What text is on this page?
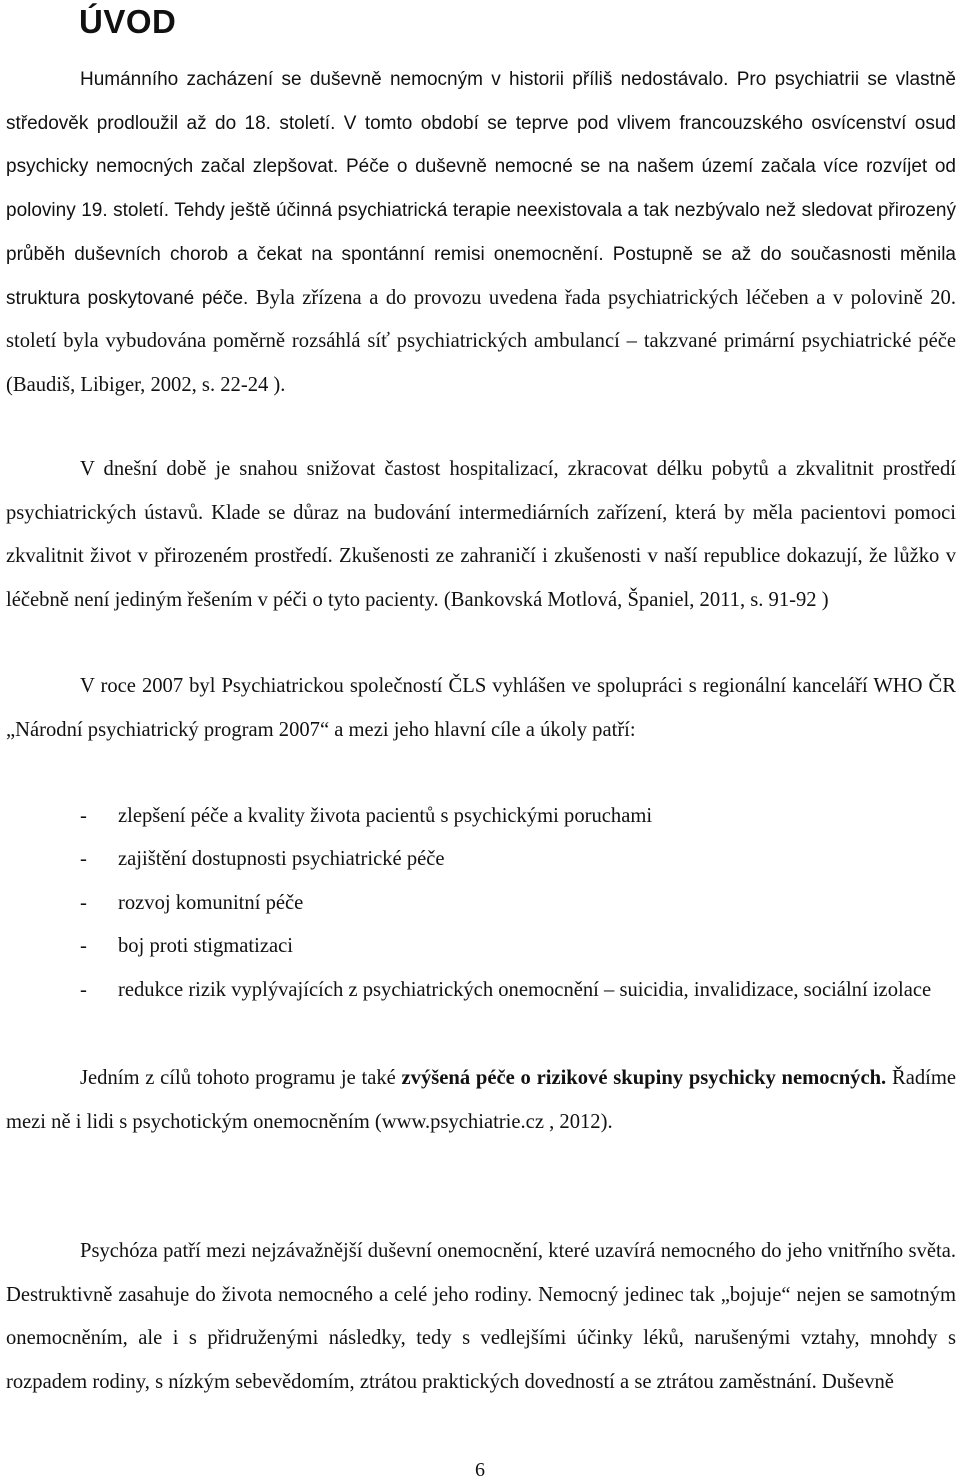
ÚVOD

Humánního zacházení se duševně nemocným v historii příliš nedostávalo. Pro psychiatrii se vlastně středověk prodloužil až do 18. století. V tomto období se teprve pod vlivem francouzského osvícenství osud psychicky nemocných začal zlepšovat. Péče o duševně nemocné se na našem území začala více rozvíjet od poloviny 19. století. Tehdy ještě účinná psychiatrická terapie neexistovala a tak nezbývalo než sledovat přirozený průběh duševních chorob a čekat na spontánní remisi onemocnění. Postupně se až do současnosti měnila struktura poskytované péče. Byla zřízena a do provozu uvedena řada psychiatrických léčeben a v polovině 20. století byla vybudována poměrně rozsáhlá síť psychiatrických ambulancí – takzvané primární psychiatrické péče (Baudiš, Libiger, 2002, s. 22-24 ).

V dnešní době je snahou snižovat častost hospitalizací, zkracovat délku pobytů a zkvalitnit prostředí psychiatrických ústavů. Klade se důraz na budování intermediárních zařízení, která by měla pacientovi pomoci zkvalitnit život v přirozeném prostředí. Zkušenosti ze zahraničí i zkušenosti v naší republice dokazují, že lůžko v léčebně není jediným řešením v péči o tyto pacienty. (Bankovská Motlová, Španiel, 2011, s. 91-92 )

V roce 2007 byl Psychiatrickou společností ČLS vyhlášen ve spolupráci s regionální kanceláří WHO ČR „Národní psychiatrický program 2007“ a mezi jeho hlavní cíle a úkoly patří:

- zlepšení péče a kvality života pacientů s psychickými poruchami
- zajištění dostupnosti psychiatrické péče
- rozvoj komunitní péče
- boj proti stigmatizaci
- redukce rizik vyplývajících z psychiatrických onemocnění – suicidia, invalidizace, sociální izolace

Jedním z cílů tohoto programu je také zvýšená péče o rizikové skupiny psychicky nemocných. Řadíme mezi ně i lidi s psychotickým onemocněním (www.psychiatrie.cz , 2012).

Psychóza patří mezi nejzávažnější duševní onemocnění, které uzavírá nemocného do jeho vnitřního světa. Destruktivně zasahuje do života nemocného a celé jeho rodiny. Nemocný jedinec tak „bojuje“ nejen se samotným onemocněním, ale i s přidruženými následky, tedy s vedlejšími účinky léků, narušenými vztahy, mnohdy s rozpadem rodiny, s nízkým sebevědomím, ztrátou praktických dovedností a se ztrátou zaměstnání. Duševně

6
